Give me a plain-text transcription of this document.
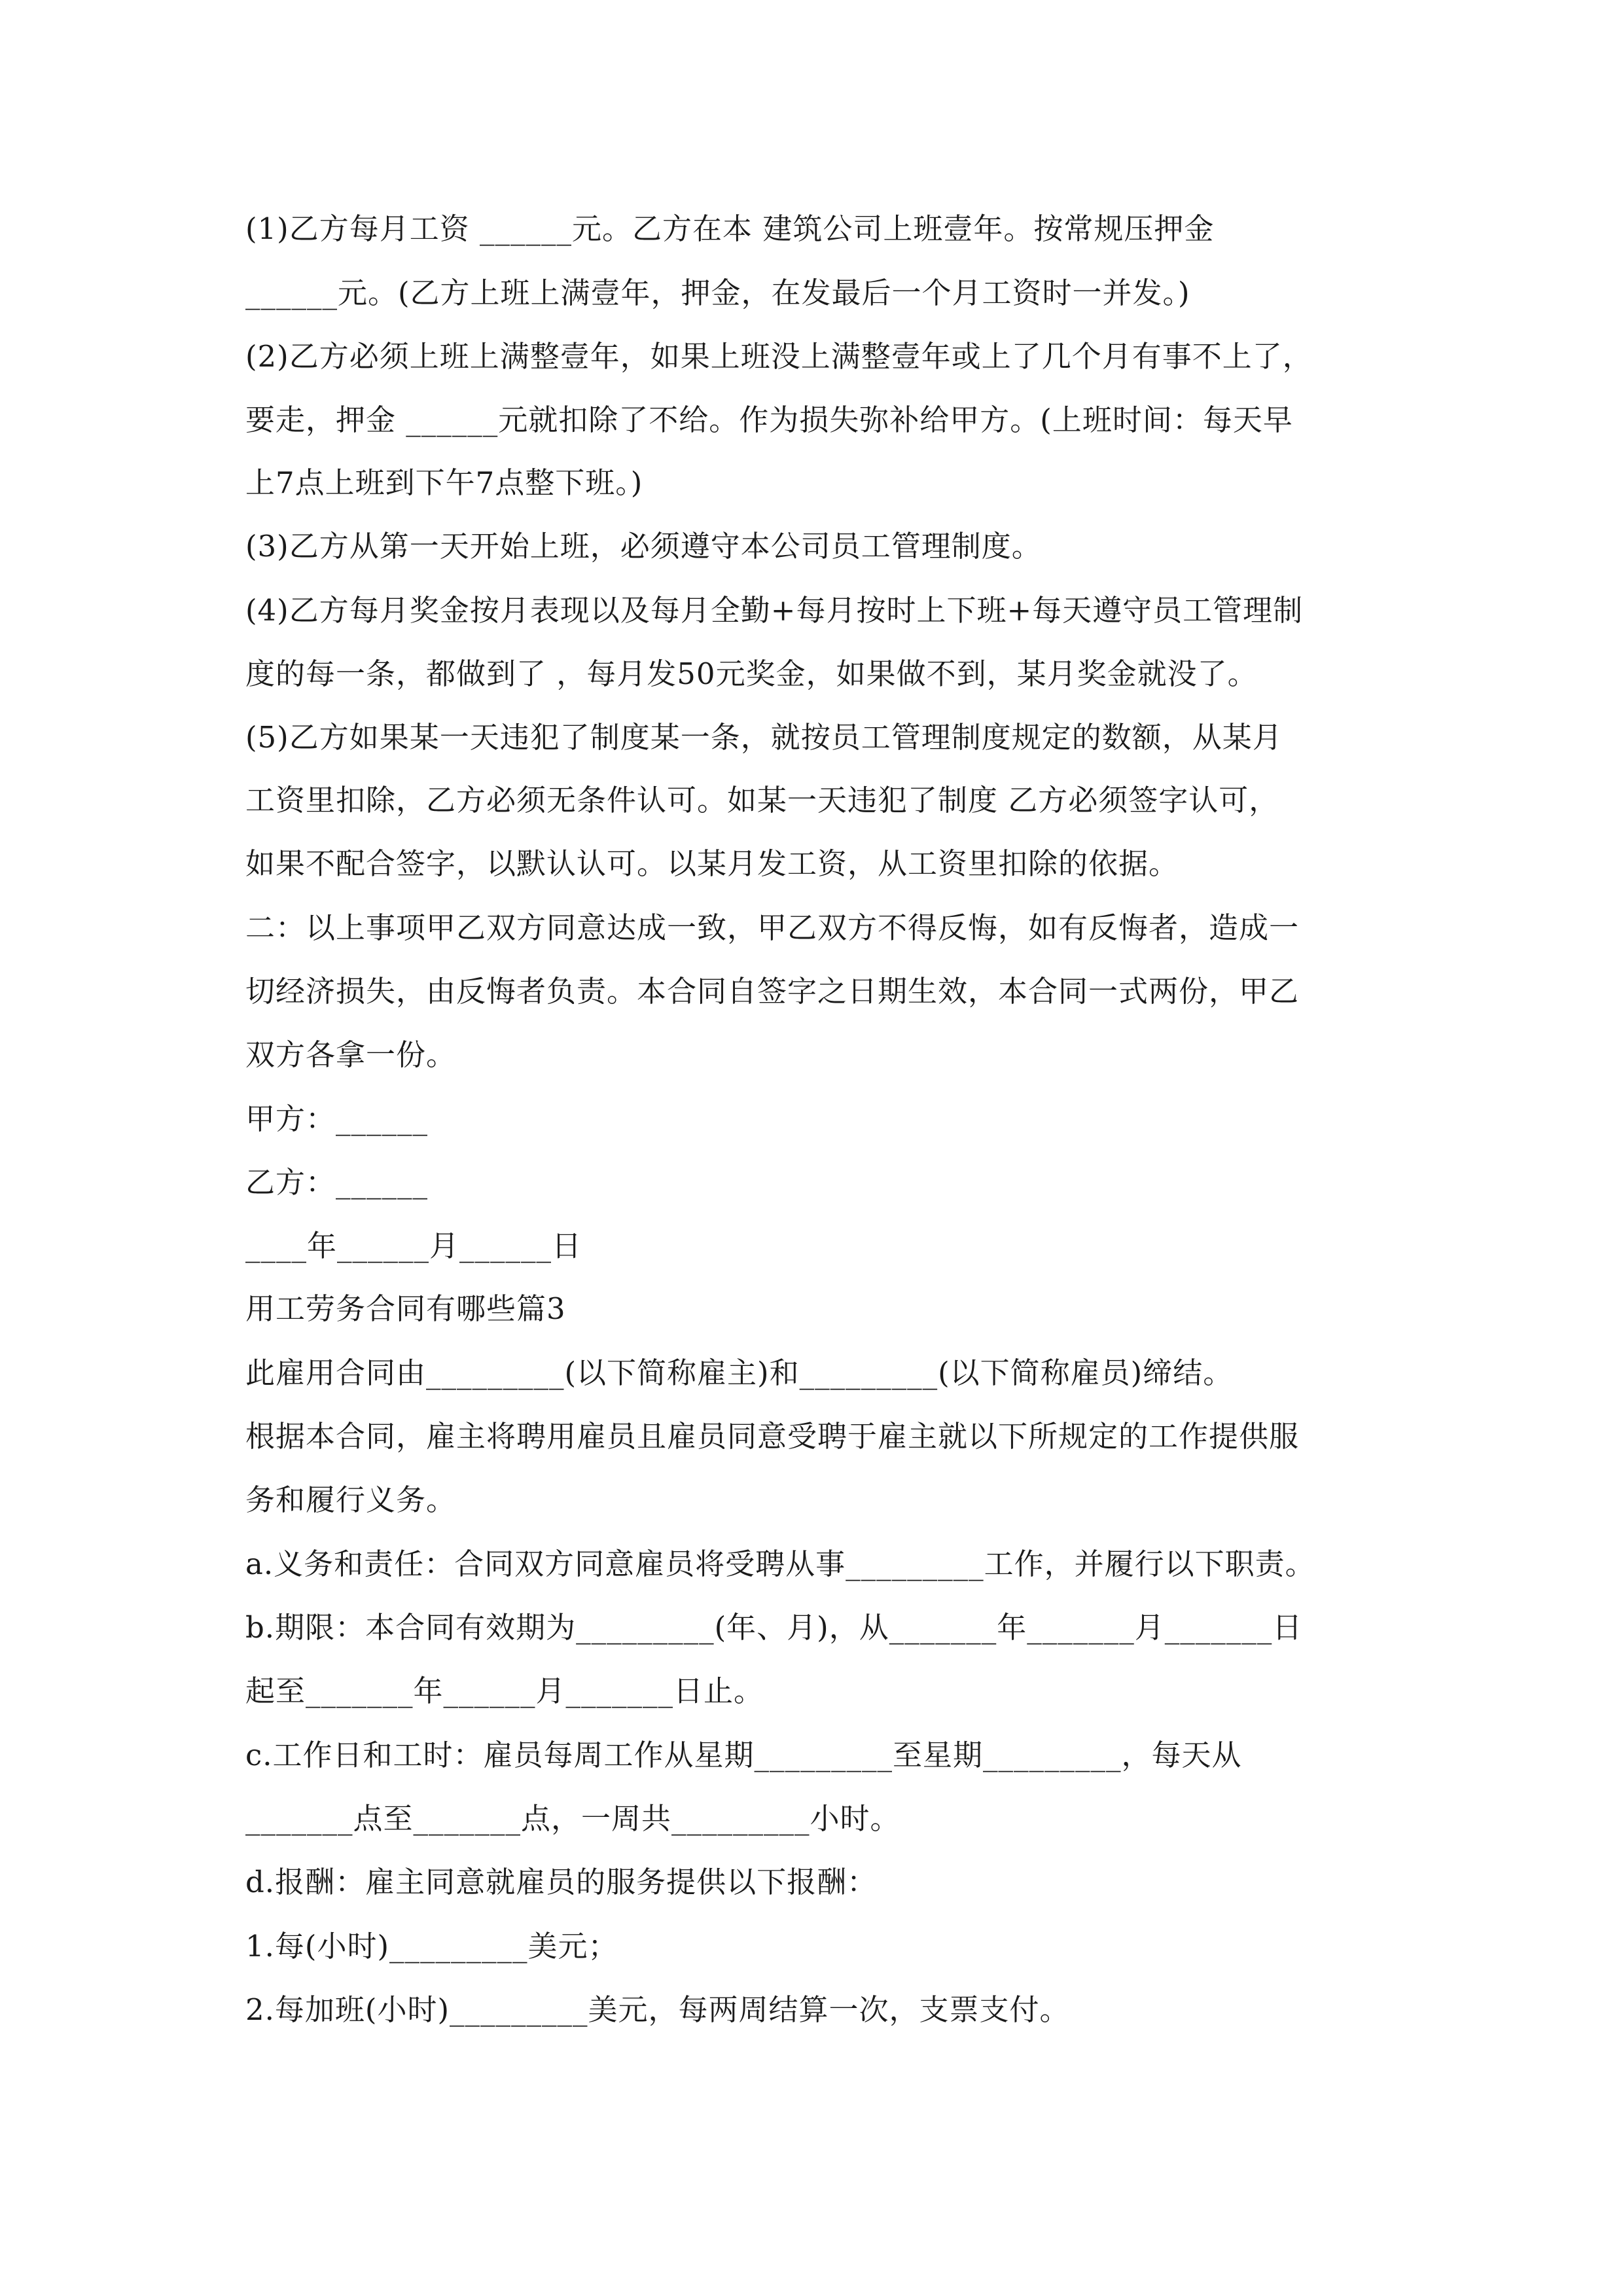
(1)乙方每月工资 ______元。乙方在本 建筑公司上班壹年。按常规压押金
______元。(乙方上班上满壹年，押金，在发最后一个月工资时一并发。)
(2)乙方必须上班上满整壹年，如果上班没上满整壹年或上了几个月有事不上了，
要走，押金 ______元就扣除了不给。作为损失弥补给甲方。(上班时间：每天早
上7点上班到下午7点整下班。)
(3)乙方从第一天开始上班，必须遵守本公司员工管理制度。
(4)乙方每月奖金按月表现以及每月全勤+每月按时上下班+每天遵守员工管理制
度的每一条，都做到了 ，每月发50元奖金，如果做不到，某月奖金就没了。
(5)乙方如果某一天违犯了制度某一条，就按员工管理制度规定的数额，从某月
工资里扣除，乙方必须无条件认可。如某一天违犯了制度 乙方必须签字认可，
如果不配合签字，以默认认可。以某月发工资，从工资里扣除的依据。
二：以上事项甲乙双方同意达成一致，甲乙双方不得反悔，如有反悔者，造成一
切经济损失，由反悔者负责。本合同自签字之日期生效，本合同一式两份，甲乙
双方各拿一份。
甲方：______
乙方：______
____年______月______日
用工劳务合同有哪些篇3
此雇用合同由_________(以下简称雇主)和_________(以下简称雇员)缔结。
根据本合同，雇主将聘用雇员且雇员同意受聘于雇主就以下所规定的工作提供服
务和履行义务。
a.义务和责任：合同双方同意雇员将受聘从事_________工作，并履行以下职责。
b.期限：本合同有效期为_________(年、月)，从_______年_______月_______日
起至_______年______月_______日止。
c.工作日和工时：雇员每周工作从星期_________至星期_________，每天从
_______点至_______点，一周共_________小时。
d.报酬：雇主同意就雇员的服务提供以下报酬：
1.每(小时)_________美元；
2.每加班(小时)_________美元，每两周结算一次，支票支付。
